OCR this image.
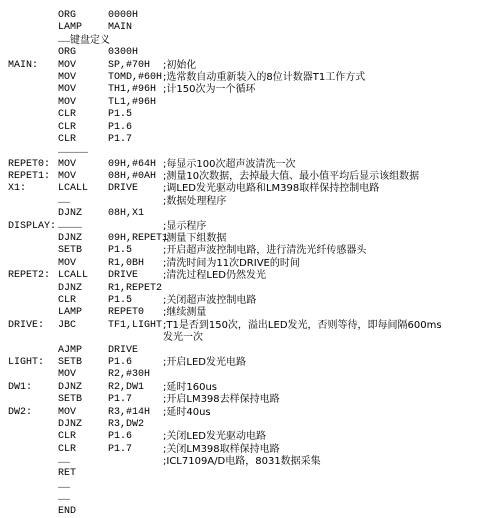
ORG	0000H
LAMP	MAIN
…… 键盘定义
ORG	0300H
MAIN: MOV	SP,#70H ;初始化
MOV	TOMD,#60H ;选常数自动重新装入的8位计数器T1工作方式
MOV	TH1,#96H ;计150次为一个循环
MOV	TL1,#96H
CLR	P1.5
CLR	P1.6
CLR	P1.7
……………
REPET0: MOV	09H,#64H ;每显示100次超声波清洗一次
REPET1: MOV	08H,#0AH ;测量10次数据，去掉最大值、最小值平均后显示该组数据
X1:	LCALL DRIVE ;调LED发光驱动电路和LM398取样保持控制电路
……	;数据处理程序
DJNZ	08H,X1
DISPLAY: …………	;显示程序
DJNZ	09H,REPET1
;测量下组数据
SETB	P1.5	;开启超声波控制电路，进行清洗光纤传感器头
MOV	R1,0BH ;清洗时间为11次DRIVE的时间
REPET2: LCALL DRIVE ;清洗过程LED仍然发光
DJNZ	R1,REPET2
CLR	P1.5	;关闭超声波控制电路
LAMP	REPET0 ;继续测量
DRIVE: JBC	TF1,LIGHT ;T1是否到150次，溢出LED发光，否则等待，即每间隔600ms
发光一次
AJMP	DRIVE
LIGHT: SETB	P1.6	;开启LED发光电路
MOV	R2,#30H
DW1:	DJNZ	R2,DW1 ;延时160us
SETB	P1.7	;开启LM398去样保持电路
DW2:	MOV	R3,#14H ;延时40us
DJNZ	R3,DW2
CLR	P1.6	;关闭LED发光驱动电路
CLR	P1.7	;关闭LM398取样保持电路
……	;ICL7109A/D电路，8031数据采集
RET
……
……
END
